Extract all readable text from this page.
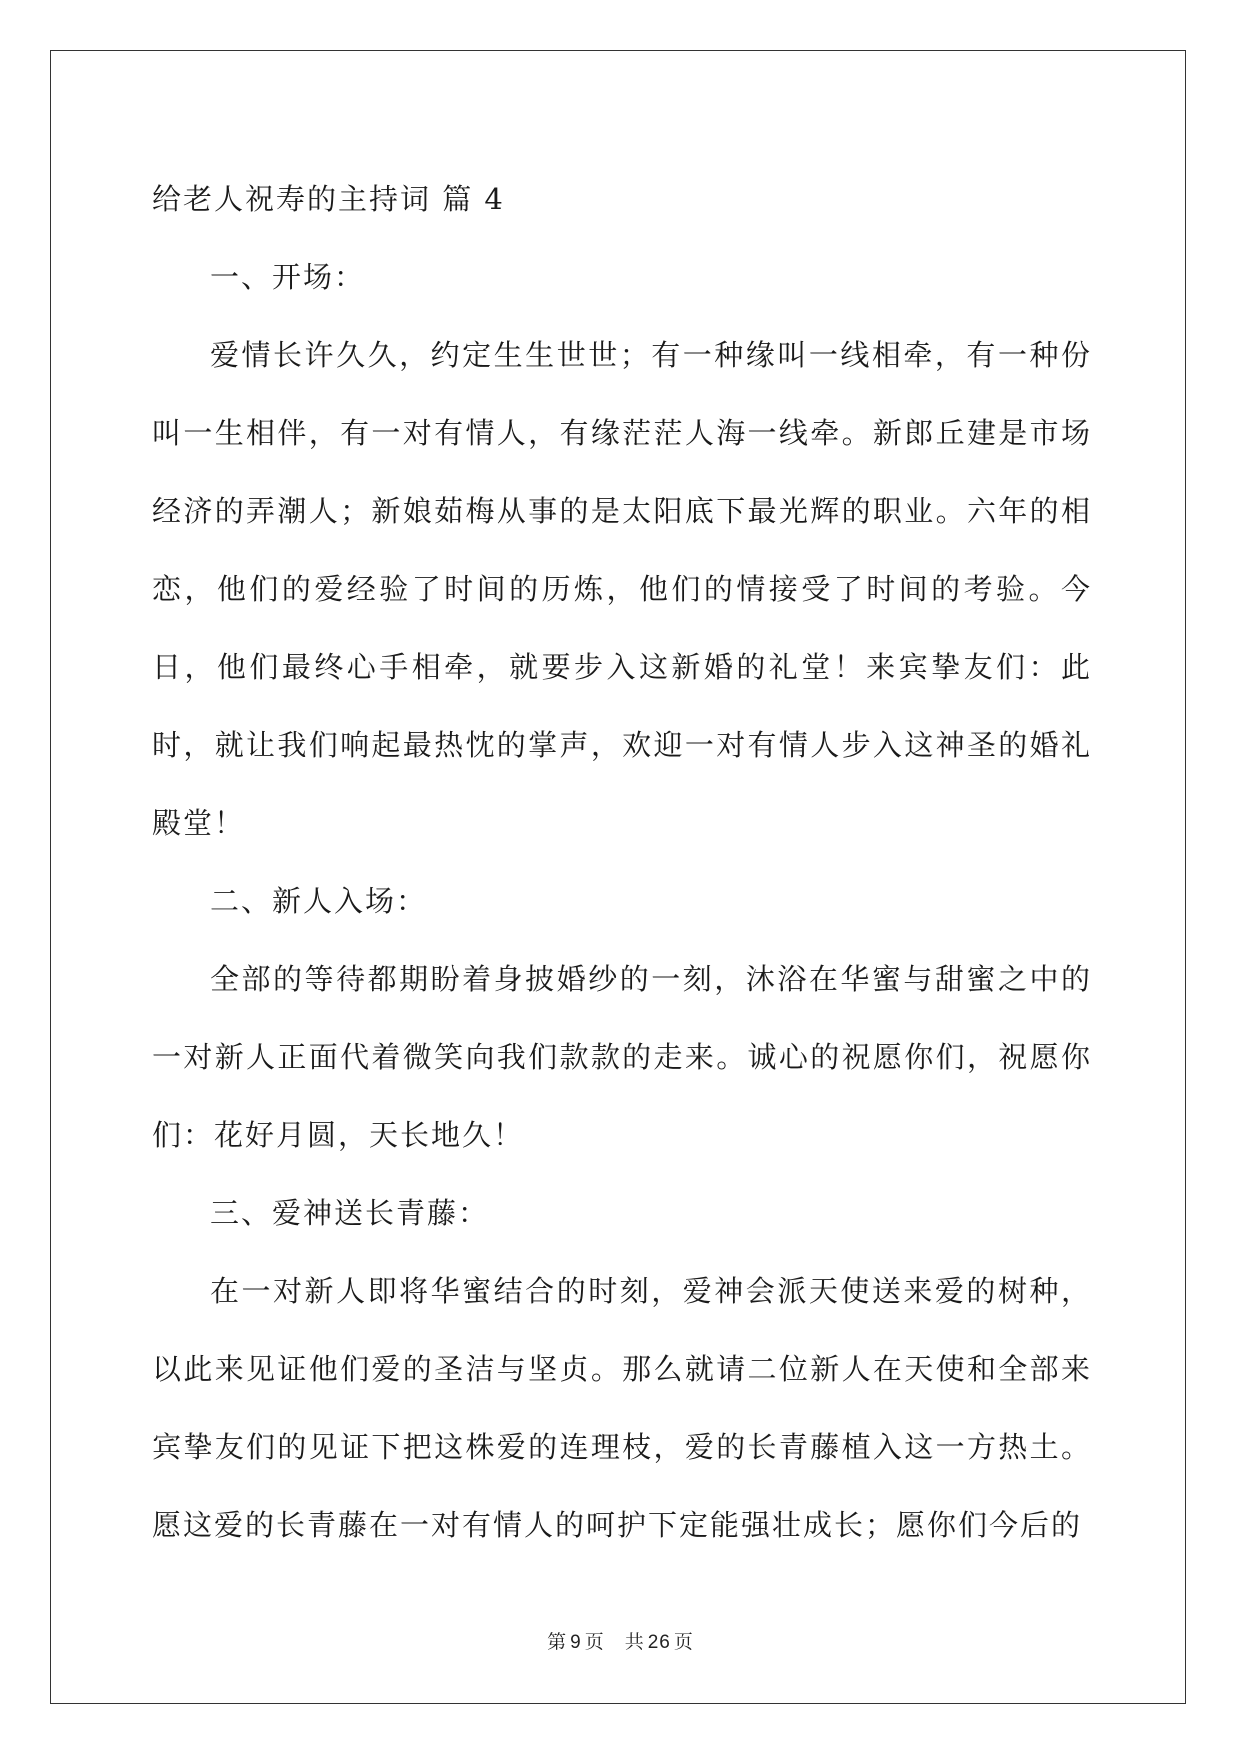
给老人祝寿的主持词 篇 4

一、开场：

爱情长许久久，约定生生世世；有一种缘叫一线相牵，有一种份叫一生相伴，有一对有情人，有缘茫茫人海一线牵。新郎丘建是市场经济的弄潮人；新娘茹梅从事的是太阳底下最光辉的职业。六年的相恋，他们的爱经验了时间的历炼，他们的情接受了时间的考验。今日，他们最终心手相牵，就要步入这新婚的礼堂！来宾挚友们：此时，就让我们响起最热忱的掌声，欢迎一对有情人步入这神圣的婚礼殿堂！

二、新人入场：

全部的等待都期盼着身披婚纱的一刻，沐浴在华蜜与甜蜜之中的一对新人正面代着微笑向我们款款的走来。诚心的祝愿你们，祝愿你们：花好月圆，天长地久！

三、爱神送长青藤：

在一对新人即将华蜜结合的时刻，爱神会派天使送来爱的树种，以此来见证他们爱的圣洁与坚贞。那么就请二位新人在天使和全部来宾挚友们的见证下把这株爱的连理枝，爱的长青藤植入这一方热土。愿这爱的长青藤在一对有情人的呵护下定能强壮成长；愿你们今后的

第 9 页 共 26 页
